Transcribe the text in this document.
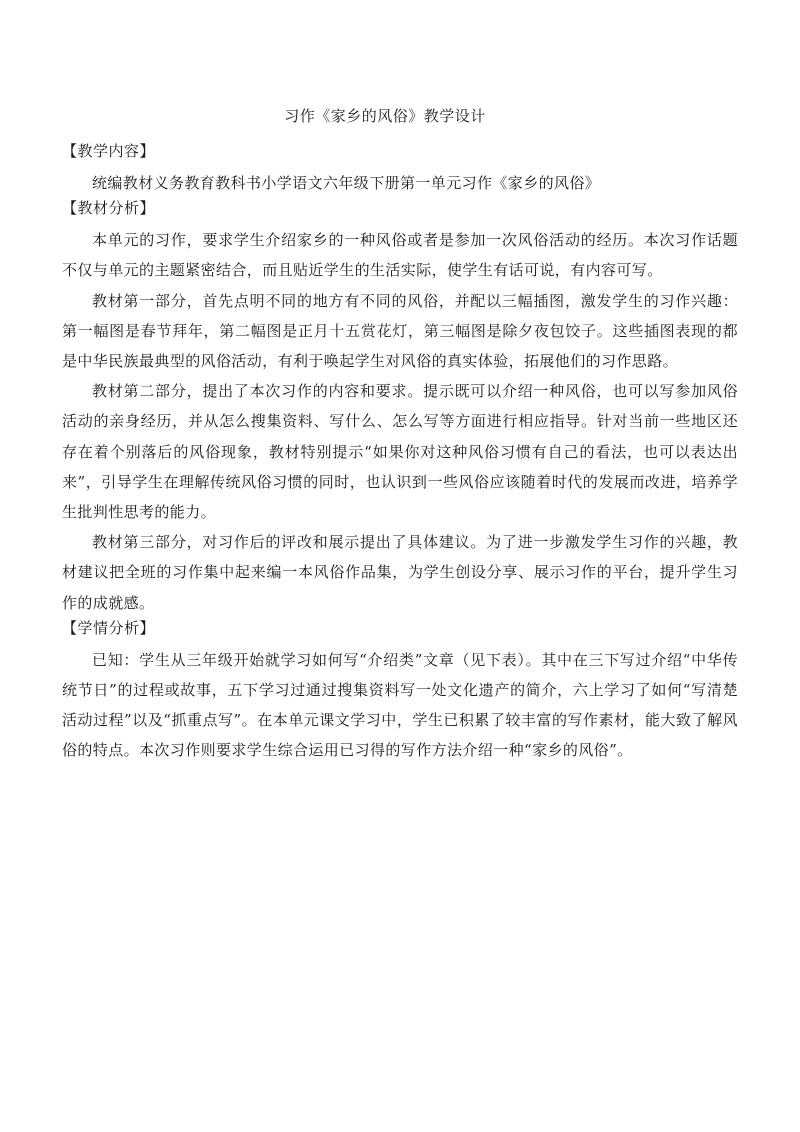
习作《家乡的风俗》教学设计
【教学内容】

统编教材义务教育教科书小学语文六年级下册第一单元习作《家乡的风俗》

【教材分析】

本单元的习作，要求学生介绍家乡的一种风俗或者是参加一次风俗活动的经历。本次习作话题不仅与单元的主题紧密结合，而且贴近学生的生活实际，使学生有话可说，有内容可写。

教材第一部分，首先点明不同的地方有不同的风俗，并配以三幅插图，激发学生的习作兴趣：第一幅图是春节拜年，第二幅图是正月十五赏花灯，第三幅图是除夕夜包饺子。这些插图表现的都是中华民族最典型的风俗活动，有利于唤起学生对风俗的真实体验，拓展他们的习作思路。

教材第二部分，提出了本次习作的内容和要求。提示既可以介绍一种风俗，也可以写参加风俗活动的亲身经历，并从怎么搜集资料、写什么、怎么写等方面进行相应指导。针对当前一些地区还存在着个别落后的风俗现象，教材特别提示“如果你对这种风俗习惯有自己的看法，也可以表达出来”，引导学生在理解传统风俗习惯的同时，也认识到一些风俗应该随着时代的发展而改进，培养学生批判性思考的能力。

教材第三部分，对习作后的评改和展示提出了具体建议。为了进一步激发学生习作的兴趣，教材建议把全班的习作集中起来编一本风俗作品集，为学生创设分享、展示习作的平台，提升学生习作的成就感。

【学情分析】

已知：学生从三年级开始就学习如何写“介绍类”文章（见下表）。其中在三下写过介绍“中华传统节日”的过程或故事，五下学习过通过搜集资料写一处文化遗产的简介，六上学习了如何“写清楚活动过程”以及“抓重点写”。在本单元课文学习中，学生已积累了较丰富的写作素材，能大致了解风俗的特点。本次习作则要求学生综合运用已习得的写作方法介绍一种“家乡的风俗”。
